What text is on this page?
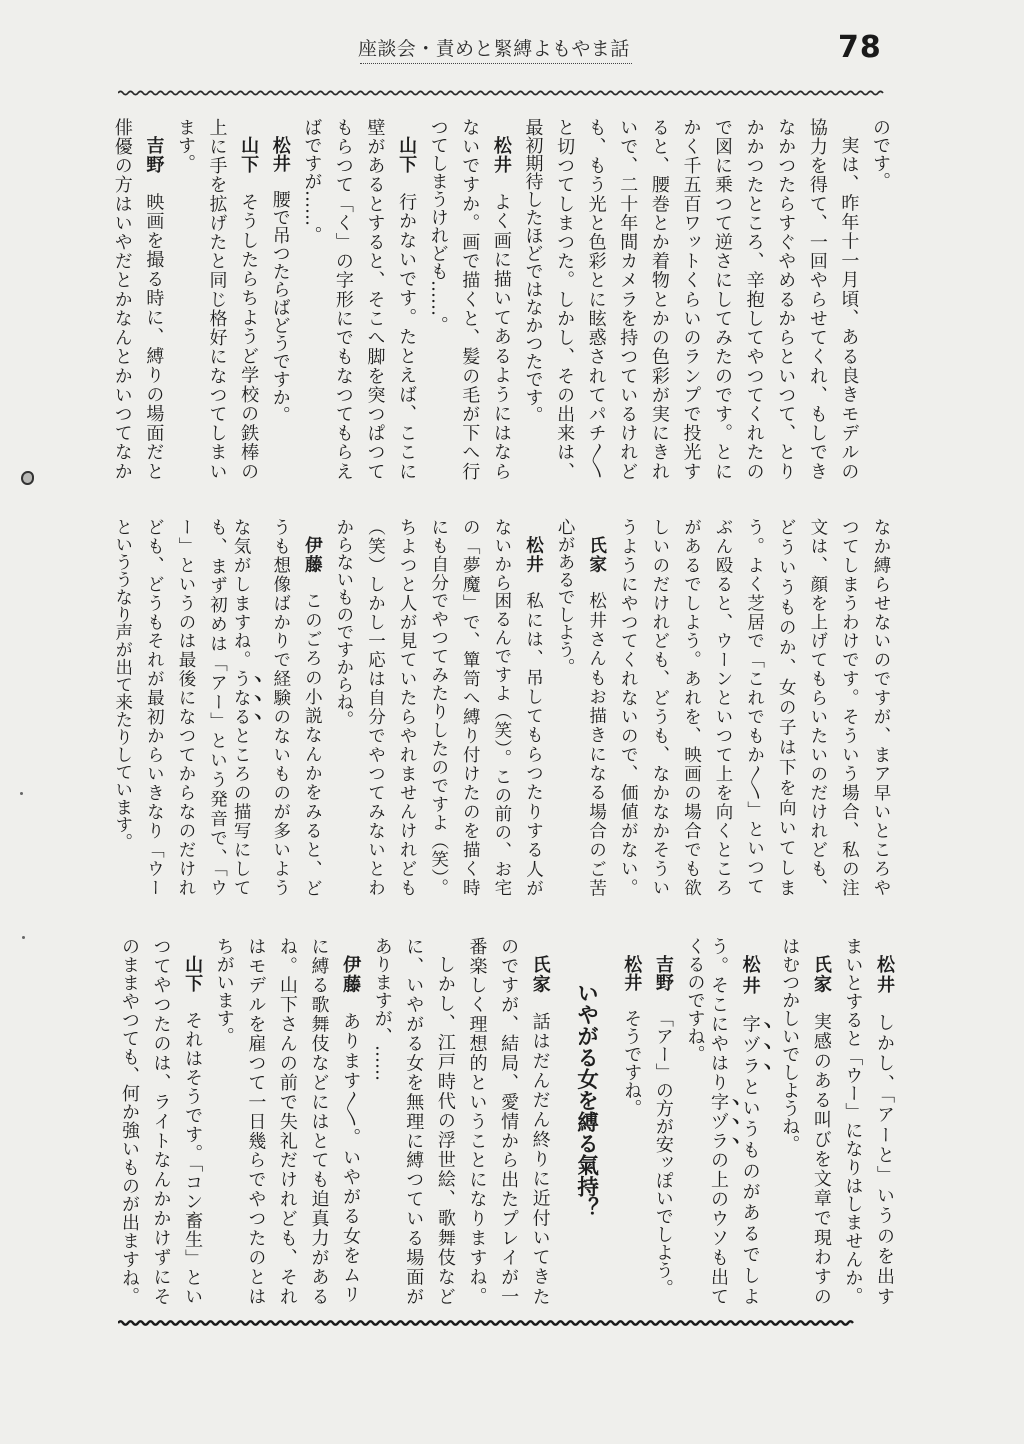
座談会・責めと緊縛よもやま話	78
のです。
実は、昨年十一月頃、ある良きモデルの
協力を得て、一回やらせてくれ、もしでき
なかつたらすぐやめるからといつて、とり
かかつたところ、辛抱してやつてくれたの
で図に乗つて逆さにしてみたのです。とに
かく千五百ワットくらいのランプで投光す
ると、腰巻とか着物とかの色彩が実にきれ
いで、二十年間カメラを持つているけれど
も、もう光と色彩とに眩惑されてパチ〳〵
と切つてしまつた。しかし、その出来は、
最初期待したほどではなかつたです。
松井よく画に描いてあるようにはなら
ないですか。画で描くと、髪の毛が下へ行
つてしまうけれども……。
山下行かないです。たとえば、ここに
壁があるとすると、そこへ脚を突つぱつて
もらつて「く」の字形にでもなつてもらえ
ばですが……。
松井腰で吊つたらばどうですか。
山下そうしたらちようど学校の鉄棒の
上に手を拡げたと同じ格好になつてしまい
ます。
吉野映画を撮る時に、縛りの場面だと
俳優の方はいやだとかなんとかいつてなか
なか縛らせないのですが、まア早いところや
つてしまうわけです。そういう場合、私の注
文は、顔を上げてもらいたいのだけれども、
どういうものか、女の子は下を向いてしま
う。よく芝居で「これでもか〳〵」といつて
ぶん殴ると、ウーンといつて上を向くところ
があるでしよう。あれを、映画の場合でも欲
しいのだけれども、どうも、なかなかそうい
うようにやつてくれないので、価値がない。
氏家松井さんもお描きになる場合のご苦
心があるでしよう。
松井私には、吊してもらつたりする人が
ないから困るんですよ（笑）。この前の、お宅
の「夢魔」で、簞笥へ縛り付けたのを描く時
にも自分でやつてみたりしたのですよ（笑）。
ちよつと人が見ていたらやれませんけれども
（笑）しかし一応は自分でやつてみないとわ
からないものですからね。
伊藤このごろの小説なんかをみると、ど
うも想像ばかりで経験のないものが多いよう
な気がしますね。うなるところの描写にして
も、まず初めは「アー」という発音で、「ウ
ー」というのは最後になつてからなのだけれ
ども、どうもそれが最初からいきなり「ウー
といううなり声が出て来たりしています。
松井しかし、「アーと」いうのを出す
まいとすると「ウー」になりはしませんか。
氏家実感のある叫びを文章で現わすの
はむつかしいでしようね。
松井字ヅラというものがあるでしよ
う。そこにやはり字ヅラの上のウソも出て
くるのですね。
吉野「アー」の方が安ッぽいでしよう。
松井そうですね。
いやがる女を縛る氣持？
氏家話はだんだん終りに近付いてきた
のですが、結局、愛情から出たプレイが一
番楽しく理想的ということになりますね。
しかし、江戸時代の浮世絵、歌舞伎など
に、いやがる女を無理に縛つている場面が
ありますが、……
伊藤あります〳〵。いやがる女をムリ
に縛る歌舞伎などにはとても迫真力がある
ね。山下さんの前で失礼だけれども、それ
はモデルを雇つて一日幾らでやつたのとは
ちがいます。
山下それはそうです。「コン畜生」とい
つてやつたのは、ライトなんかかけずにそ
のままやつても、何か強いものが出ますね。
